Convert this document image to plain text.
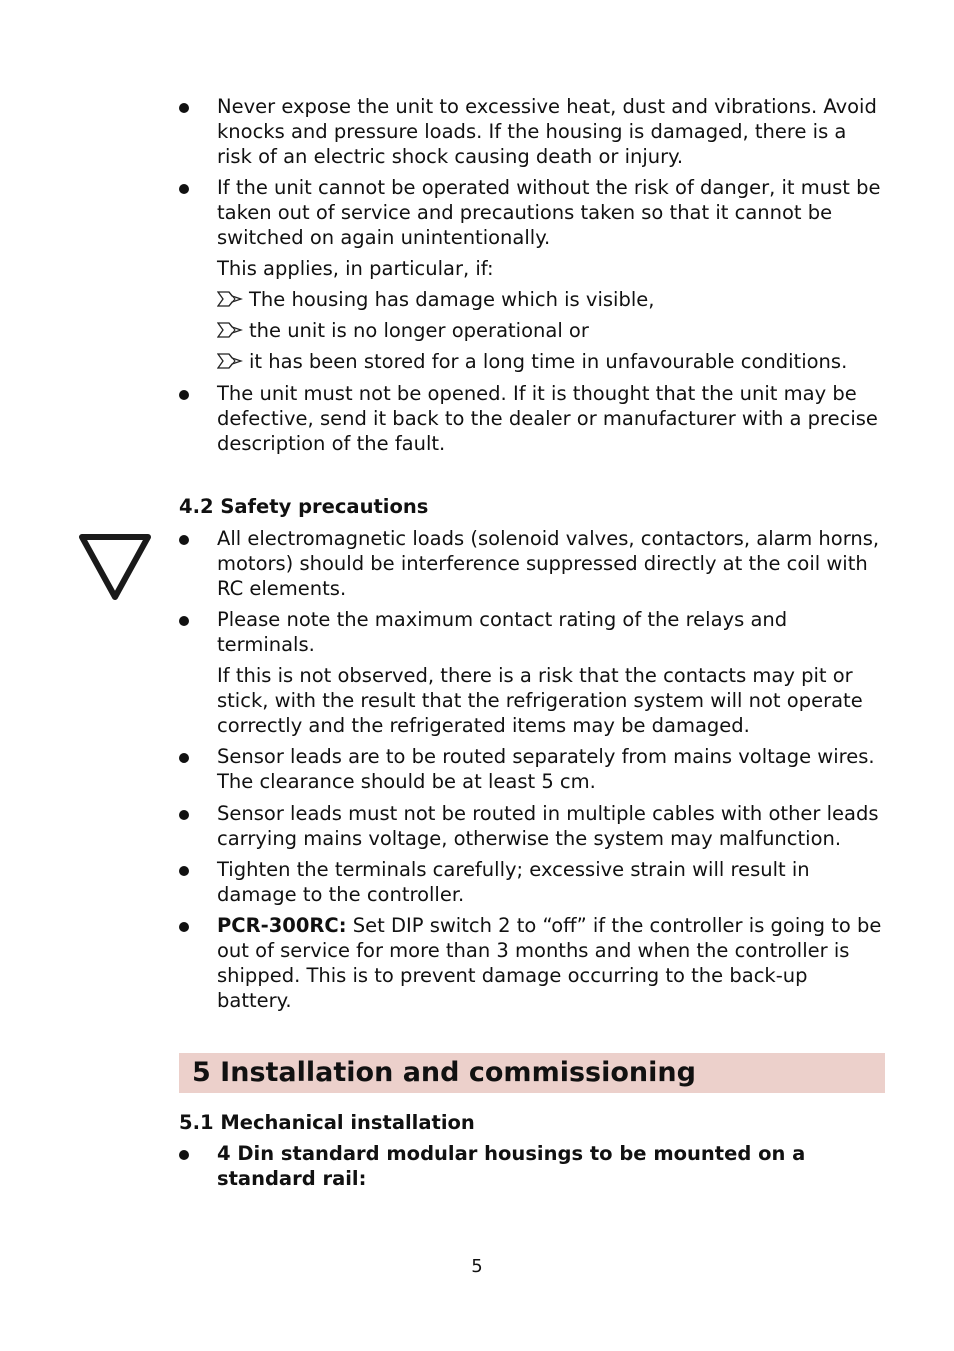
Never expose the unit to excessive heat, dust and vibrations. Avoid knocks and pressure loads. If the housing is damaged, there is a risk of an electric shock causing death or injury.
If the unit cannot be operated without the risk of danger, it must be taken out of service and precautions taken so that it cannot be switched on again unintentionally.
This applies, in particular, if:
The housing has damage which is visible,
the unit is no longer operational or
it has been stored for a long time in unfavourable conditions.
The unit must not be opened. If it is thought that the unit may be defective, send it back to the dealer or manufacturer with a precise description of the fault.
4.2 Safety precautions
All electromagnetic loads (solenoid valves, contactors, alarm horns, motors) should be interference suppressed directly at the coil with RC elements.
Please note the maximum contact rating of the relays and terminals.
If this is not observed, there is a risk that the contacts may pit or stick, with the result that the refrigeration system will not operate correctly and the refrigerated items may be damaged.
Sensor leads are to be routed separately from mains voltage wires. The clearance should be at least 5 cm.
Sensor leads must not be routed in multiple cables with other leads carrying mains voltage, otherwise the system may malfunction.
Tighten the terminals carefully; excessive strain will result in damage to the controller.
PCR-300RC: Set DIP switch 2 to “off” if the controller is going to be out of service for more than 3 months and when the controller is shipped. This is to prevent damage occurring to the back-up battery.
5 Installation and commissioning
5.1 Mechanical installation
4 Din standard modular housings to be mounted on a standard rail:
5
